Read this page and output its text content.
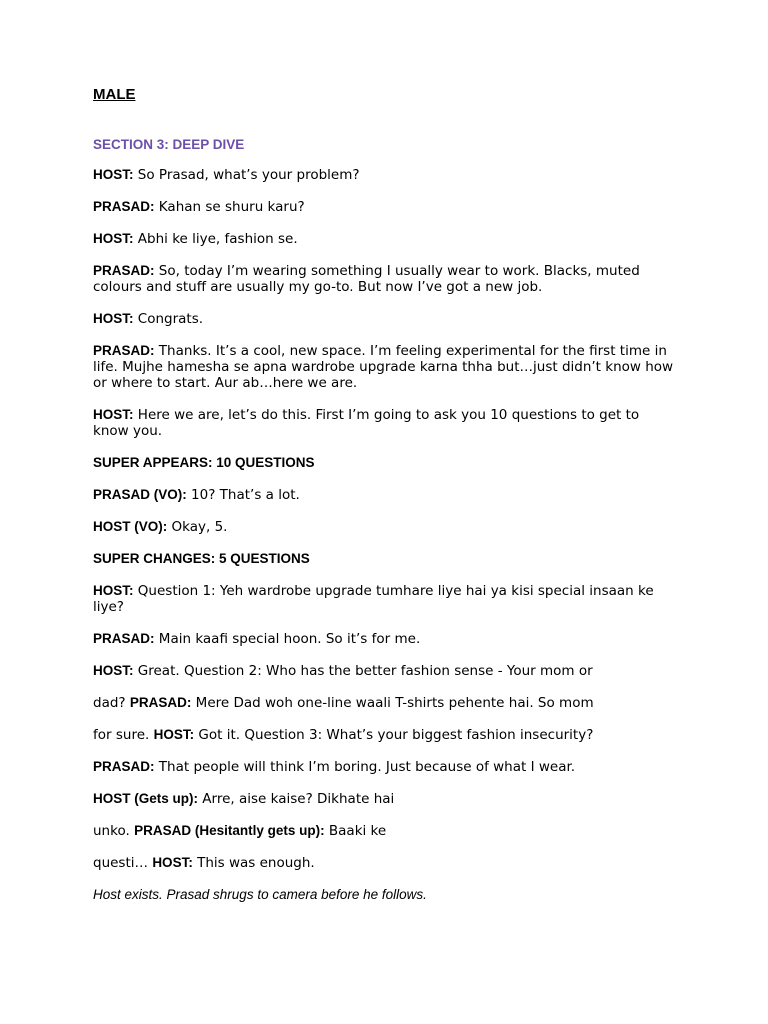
MALE
SECTION 3: DEEP DIVE

HOST: So Prasad, what’s your problem?

PRASAD: Kahan se shuru karu?

HOST: Abhi ke liye, fashion se.

PRASAD: So, today I’m wearing something I usually wear to work. Blacks, muted colours and stuff are usually my go-to. But now I’ve got a new job.

HOST: Congrats.

PRASAD: Thanks. It’s a cool, new space. I’m feeling experimental for the first time in life. Mujhe hamesha se apna wardrobe upgrade karna thha but…just didn’t know how or where to start. Aur ab…here we are.

HOST: Here we are, let’s do this. First I’m going to ask you 10 questions to get to know you.

SUPER APPEARS: 10 QUESTIONS

PRASAD (VO): 10? That’s a lot.

HOST (VO): Okay, 5.

SUPER CHANGES: 5 QUESTIONS

HOST: Question 1: Yeh wardrobe upgrade tumhare liye hai ya kisi special insaan ke liye?

PRASAD: Main kaafi special hoon. So it’s for me.

HOST: Great. Question 2: Who has the better fashion sense - Your mom or

dad? PRASAD: Mere Dad woh one-line waali T-shirts pehente hai. So mom

for sure. HOST: Got it. Question 3: What’s your biggest fashion insecurity?

PRASAD: That people will think I’m boring. Just because of what I wear.

HOST (Gets up): Arre, aise kaise? Dikhate hai

unko. PRASAD (Hesitantly gets up): Baaki ke

questi… HOST: This was enough.

Host exists. Prasad shrugs to camera before he follows.
